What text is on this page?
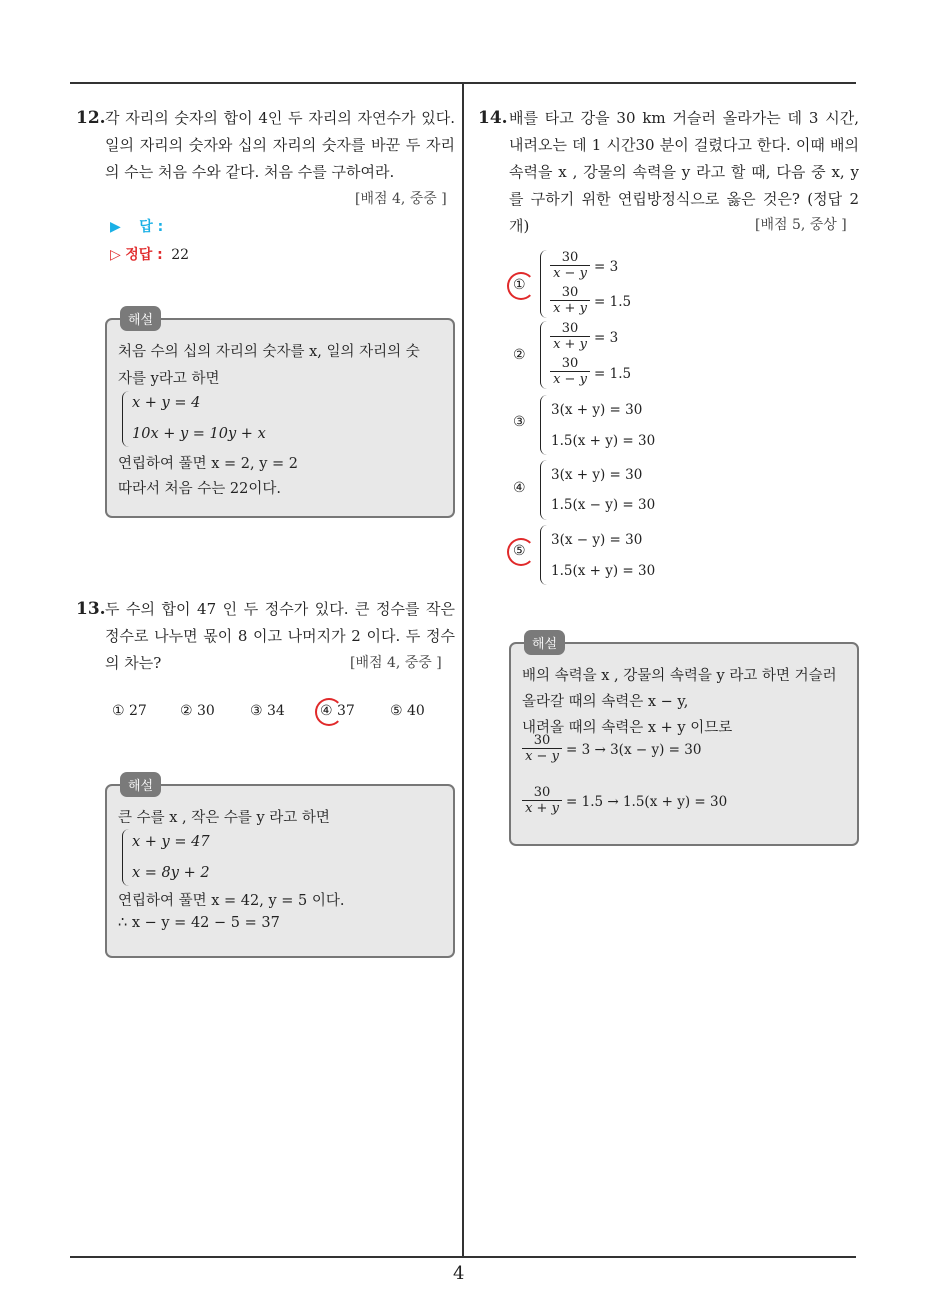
4
12. 각 자리의 숫자의 합이 4인 두 자리의 자연수가 있다. 일의 자리의 숫자와 십의 자리의 숫자를 바꾼 두 자리의 수는 처음 수와 같다. 처음 수를 구하여라.
[배점 4, 중중 ]
▶ 답 :
▷ 정답 : 22
해설
처음 수의 십의 자리의 숫자를 x, 일의 자리의 숫
자를 y라고 하면
x + y = 4
10x + y = 10y + x
연립하여 풀면 x = 2, y = 2
따라서 처음 수는 22이다.
13. 두 수의 합이 47 인 두 정수가 있다. 큰 정수를 작은 정수로 나누면 몫이 8 이고 나머지가 2 이다. 두 정수의 차는?	[배점 4, 중중 ]
① 27 ② 30	③ 34	④ 37	⑤ 40
해설
큰 수를 x , 작은 수를 y 라고 하면
x + y = 47
x = 8y + 2
연립하여 풀면 x = 42, y = 5 이다.
∴ x − y = 42 − 5 = 37
14. 배를 타고 강을 30 km 거슬러 올라가는 데 3 시간, 내려오는 데 1 시간30 분이 걸렸다고 한다. 이때 배의 속력을 x , 강물의 속력을 y 라고 할 때, 다음 중 x, y 를 구하기 위한 연립방정식으로 옳은 것은? (정답 2 개)	[배점 5, 중상 ]
①
$\frac{30}{x - y} = 3$
$\frac{30}{x + y} = 1.5$
②
$\frac{30}{x + y} = 3$
$\frac{30}{x - y} = 1.5$
③
3(x + y) = 30
1.5(x + y) = 30
④
3(x + y) = 30
1.5(x − y) = 30
⑤
3(x − y) = 30
1.5(x + y) = 30
해설
배의 속력을 x , 강물의 속력을 y 라고 하면 거슬러
올라갈 때의 속력은 x − y,
내려올 때의 속력은 x + y 이므로
$\frac{30}{x - y} = 3 \to 3(x - y) = 30$
$\frac{30}{x + y} = 1.5 \to 1.5(x + y) = 30$
